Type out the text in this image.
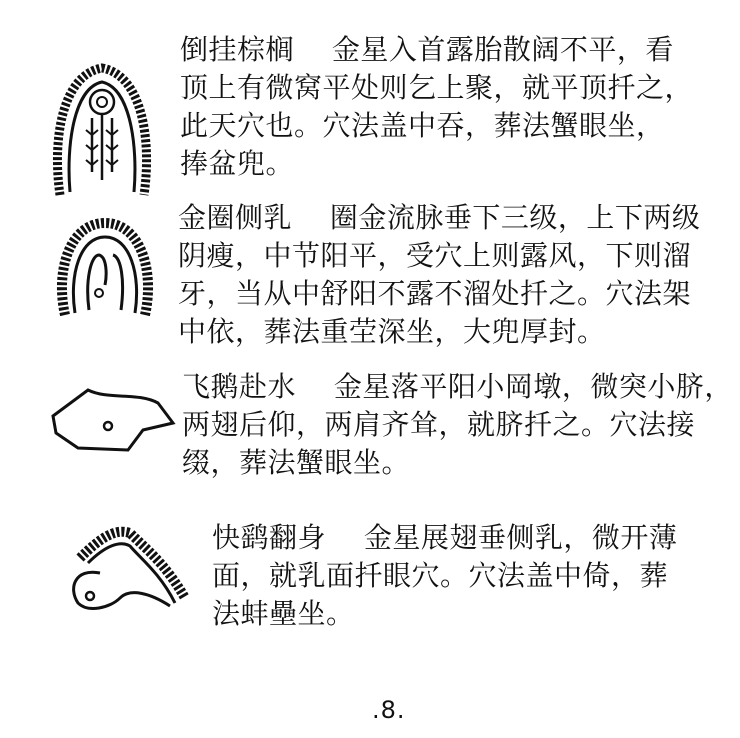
倒挂棕榈　 金星入首露胎散阔不平，看
顶上有微窝平处则乞上聚，就平顶扦之，
此天穴也。穴法盖中吞，葬法蟹眼坐，
捧盆兜。
金圈侧乳　 圈金流脉垂下三级，上下两级
阴瘦，中节阳平，受穴上则露风，下则溜
牙，当从中舒阳不露不溜处扦之。穴法架
中依，葬法重茔深坐，大兜厚封。
飞鹅赴水　 金星落平阳小岡墩，微突小脐，
两翅后仰，两肩齐耸，就脐扦之。穴法接
缀，葬法蟹眼坐。
快鹞翻身　 金星展翅垂侧乳，微开薄
面，就乳面扦眼穴。穴法盖中倚，葬
法蚌壘坐。
.8.
